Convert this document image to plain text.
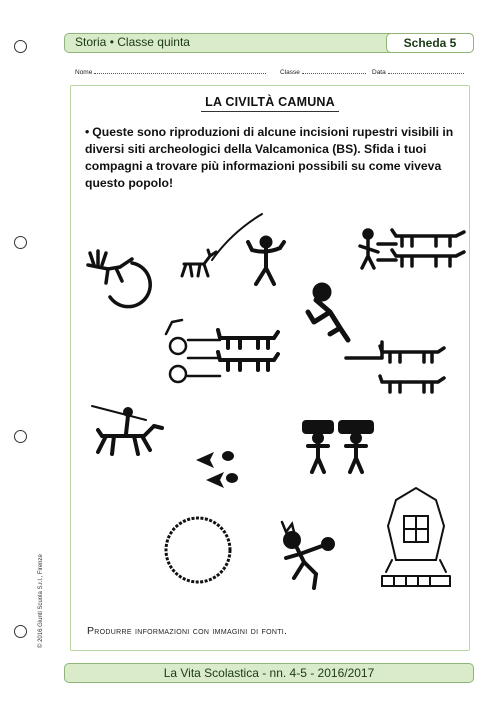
Storia • Classe quinta	Scheda 5
Nome	Classe	Data
LA CIVILTÀ CAMUNA
• Queste sono riproduzioni di alcune incisioni rupestri visibili in diversi siti archeologici della Valcamonica (BS). Sfida i tuoi compagni a trovare più informazioni possibili su come viveva questo popolo!
Produrre informazioni con immagini di fonti.
© 2016 Giunti Scuola S.r.l., Firenze
La Vita Scolastica - nn. 4-5 - 2016/2017
